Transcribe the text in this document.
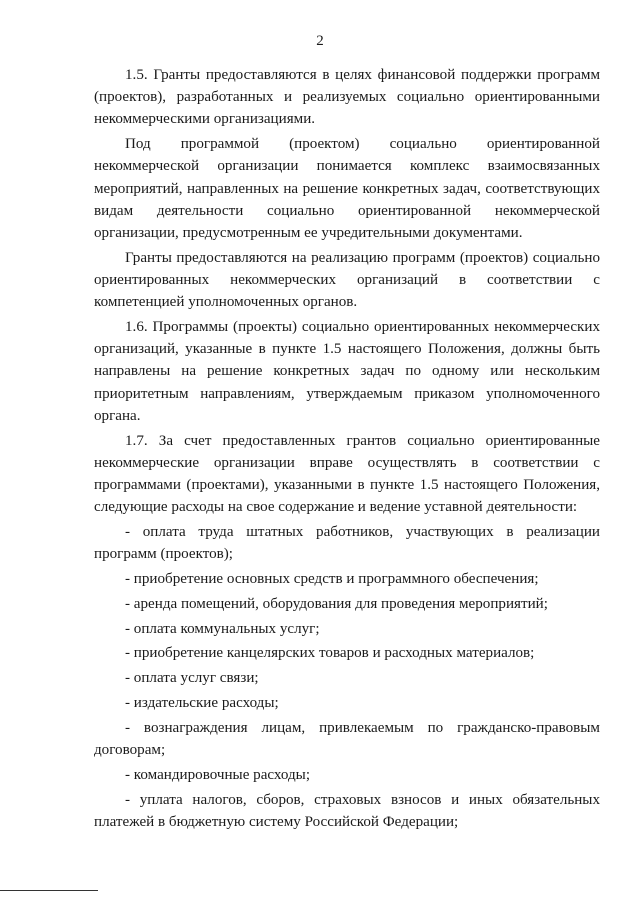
2

1.5. Гранты предоставляются в целях финансовой поддержки программ (проектов), разработанных и реализуемых социально ориентированными некоммерческими организациями.

Под программой (проектом) социально ориентированной некоммерческой организации понимается комплекс взаимосвязанных мероприятий, направленных на решение конкретных задач, соответствующих видам деятельности социально ориентированной некоммерческой организации, предусмотренным ее учредительными документами.

Гранты предоставляются на реализацию программ (проектов) социально ориентированных некоммерческих организаций в соответствии с компетенцией уполномоченных органов.

1.6. Программы (проекты) социально ориентированных некоммерческих организаций, указанные в пункте 1.5 настоящего Положения, должны быть направлены на решение конкретных задач по одному или нескольким приоритетным направлениям, утверждаемым приказом уполномоченного органа.

1.7. За счет предоставленных грантов социально ориентированные некоммерческие организации вправе осуществлять в соответствии с программами (проектами), указанными в пункте 1.5 настоящего Положения, следующие расходы на свое содержание и ведение уставной деятельности:

- оплата труда штатных работников, участвующих в реализации программ (проектов);

- приобретение основных средств и программного обеспечения;

- аренда помещений, оборудования для проведения мероприятий;

- оплата коммунальных услуг;

- приобретение канцелярских товаров и расходных материалов;

- оплата услуг связи;

- издательские расходы;

- вознаграждения лицам, привлекаемым по гражданско-правовым договорам;

- командировочные расходы;

- уплата налогов, сборов, страховых взносов и иных обязательных платежей в бюджетную систему Российской Федерации;
